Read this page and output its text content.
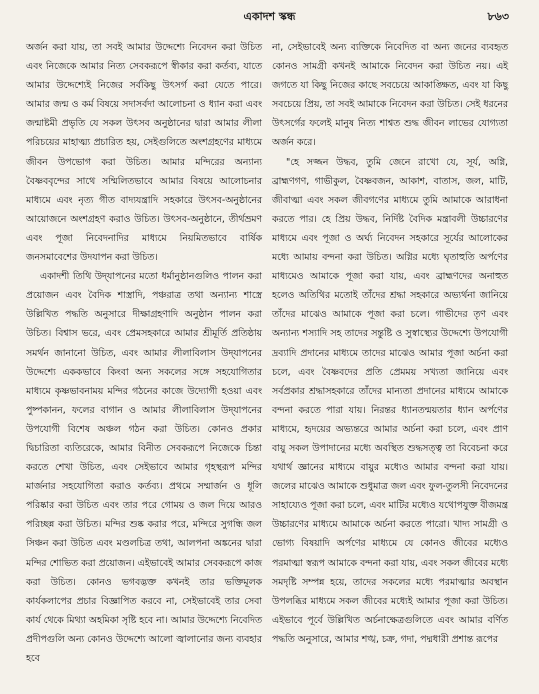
একাদশ স্কন্ধ	৮৬৩

অর্জন করা যায়, তা সবই আমার উদ্দেশ্যে নিবেদন করা উচিত এবং নিজেকে আমার নিত্য সেবকরূপে স্বীকার করা কর্তব্য, যাতে আমার উদ্দেশ্যেই নিজের সর্বকিছু উৎসর্গ করা যেতে পারে। আমার জন্ম ও কর্ম বিষয়ে সদাসর্বদা আলোচনা ও ধ্যান করা এবং জন্মাষ্টমী প্রভৃতি যে সকল উৎসব অনুষ্ঠানের দ্বারা আমার লীলা পরিচয়ের মাহাত্ম্য প্রচারিত হয়, সেইগুলিতে অংশগ্রহণের মাধ্যমে জীবন উপভোগ করা উচিত। আমার মন্দিরের অন্যান্য বৈষ্ণববৃন্দের সাথে সম্মিলিতভাবে আমার বিষয়ে আলোচনার মাধ্যমে এবং নৃত্য গীত বাদ্যযন্ত্রাদি সহকারে উৎসব-অনুষ্ঠানের আয়োজনে অংশগ্রহণ করাও উচিত। উৎসব-অনুষ্ঠানে, তীর্থভ্রমণ এবং পূজা নিবেদনাদির মাধ্যমে নিয়মিতভাবে বার্ষিক জনসমাবেশের উদযাপন করা উচিত।

একাদশী তিথি উদ্‌যাপনের মতো ধর্মানুষ্ঠানগুলিও পালন করা প্রয়োজন এবং বৈদিক শাস্ত্রাদি, পঞ্চরাত্র তথা অন্যান্য শাস্ত্রে উল্লিখিত পদ্ধতি অনুসারে দীক্ষাগ্রহণাদি অনুষ্ঠান পালন করা উচিত। বিশ্বাস ভরে, এবং প্রেমসহকারে আমার শ্রীমূর্তি প্রতিষ্ঠায় সমর্থন জানানো উচিত, এবং আমার লীলাবিলাস উদ্‌যাপনের উদ্দেশ্যে এককভাবে কিংবা অন্য সকলের সঙ্গে সহযোগিতার মাধ্যমে কৃষ্ণভাবনাময় মন্দির গঠনের কাজে উদ্যোগী হওয়া এবং পুষ্পকানন, ফলের বাগান ও আমার লীলাবিলাস উদ্‌যাপনের উপযোগী বিশেষ অঞ্চল গঠন করা উচিত। কোনও প্রকার দ্বিচারিতা ব্যতিরেকে, আমার বিনীত সেবকরূপে নিজেকে চিন্তা করতে শেখা উচিত, এবং সেইভাবে আমার গৃহস্থরূপ মন্দির মার্জনার সহযোগিতা করাও কর্তব্য। প্রথমে সম্মার্জন ও ধূলি পরিষ্কার করা উচিত এবং তার পরে গোময় ও জল দিয়ে আরও পরিচ্ছন্ন করা উচিত। মন্দির শুষ্ক করার পরে, মন্দিরে সুগন্ধি জল সিঞ্চন করা উচিত এবং মণ্ডলচিত্র তথা, আলপনা অঙ্কনের দ্বারা মন্দির শোভিত করা প্রয়োজন। এইভাবেই আমার সেবকরূপে কাজ করা উচিত। কোনও ভগবদ্ভক্ত কখনই তার ভক্তিমূলক কার্যকলাপের প্রচার বিজ্ঞাপিত করবে না, সেইভাবেই তার সেবা কার্য থেকে মিথ্যা অহমিকা সৃষ্টি হবে না। আমার উদ্দেশ্যে নিবেদিত প্রদীপগুলি অন্য কোনও উদ্দেশ্যে আলো জ্বালানোর জন্য ব্যবহার হবে

না, সেইভাবেই অন্য ব্যক্তিকে নিবেদিত বা অন্য জনের ব্যবহৃত কোনও সামগ্রী কখনই আমাকে নিবেদন করা উচিত নয়। এই জগতে যা কিছু নিজের কাছে সবচেয়ে আকাঙ্ক্ষিত, এবং যা কিছু সবচেয়ে প্রিয়, তা সবই আমাকে নিবেদন করা উচিত। সেই ধরনের উৎসর্গের ফলেই মানুষ নিত্য শাশ্বত শুদ্ধ জীবন লাভের যোগ্যতা অর্জন করে।

"হে সজ্জন উদ্ধব, তুমি জেনে রাখো যে, সূর্য, অগ্নি, ব্রাহ্মণগণ, গাভীকুল, বৈষ্ণবজন, আকাশ, বাতাস, জল, মাটি, জীবাত্মা এবং সকল জীবগণের মাধ্যমে তুমি আমাকে আরাধনা করতে পার। হে প্রিয় উদ্ধব, নির্দিষ্ট বৈদিক মন্ত্রাবলী উচ্চারণের মাধ্যমে এবং পূজা ও অর্ঘ্য নিবেদন সহকারে সূর্যের আলোকের মধ্যে আমায় বন্দনা করা উচিত। অগ্নির মধ্যে ঘৃতাহুতি অর্পণের মাধ্যমেও আমাকে পূজা করা যায়, এবং ব্রাহ্মণদের অনাহুত হলেও অতিথির মতোই তাঁদের শ্রদ্ধা সহকারে অভ্যর্থনা জানিয়ে তাঁদের মাঝেও আমাকে পূজা করা চলে। গাভীদের তৃণ এবং অন্যান্য শস্যাদি সহ তাদের সন্তুষ্টি ও সুস্বাস্থ্যের উদ্দেশ্যে উপযোগী দ্রব্যাদি প্রদানের মাধ্যমে তাদের মাঝেও আমার পূজা অর্চনা করা চলে, এবং বৈষ্ণবদের প্রতি প্রেমময় সখ্যতা জানিয়ে এবং সর্বপ্রকার শ্রদ্ধাসহকারে তাঁদের মান্যতা প্রদানের মাধ্যমে আমাকে বন্দনা করতে পারা যায়। নিরন্তর ধ্যানতন্ময়তার ধ্যান অর্পণের মাধ্যমে, হৃদয়ের অভ্যন্তরে আমার অর্চনা করা চলে, এবং প্রাণ বায়ু সকল উপাদানের মধ্যে অবস্থিত শুদ্ধসত্ত্ব তা বিবেচনা করে যথার্থ জ্ঞানের মাধ্যমে বায়ুর মধ্যেও আমার বন্দনা করা যায়। জলের মাঝেও আমাকে শুধুমাত্র জল এবং ফুল-তুলসী নিবেদনের সাহায্যেও পূজা করা চলে, এবং মাটির মধ্যেও যথোপযুক্ত বীজমন্ত্র উচ্চারণের মাধ্যমে আমাকে অর্চনা করতে পারো। খাদ্য সামগ্রী ও ভোগ্য বিষয়াদি অর্পণের মাধ্যমে যে কোনও জীবের মধ্যেও পরমাত্মা স্বরূপ আমাকে বন্দনা করা যায়, এবং সকল জীবের মধ্যে সমদৃষ্টি সম্পন্ন হয়ে, তাদের সকলের মধ্যে পরমাত্মার অবস্থান উপলব্ধির মাধ্যমে সকল জীবের মধ্যেই আমার পূজা করা উচিত। এইভাবে পূর্বে উল্লিখিত অর্চনাক্ষেত্রগুলিতে এবং আমার বর্ণিত পদ্ধতি অনুসারে, আমার শঙ্খ, চক্র, গদা, পদ্মধারী প্রশান্ত রূপের
